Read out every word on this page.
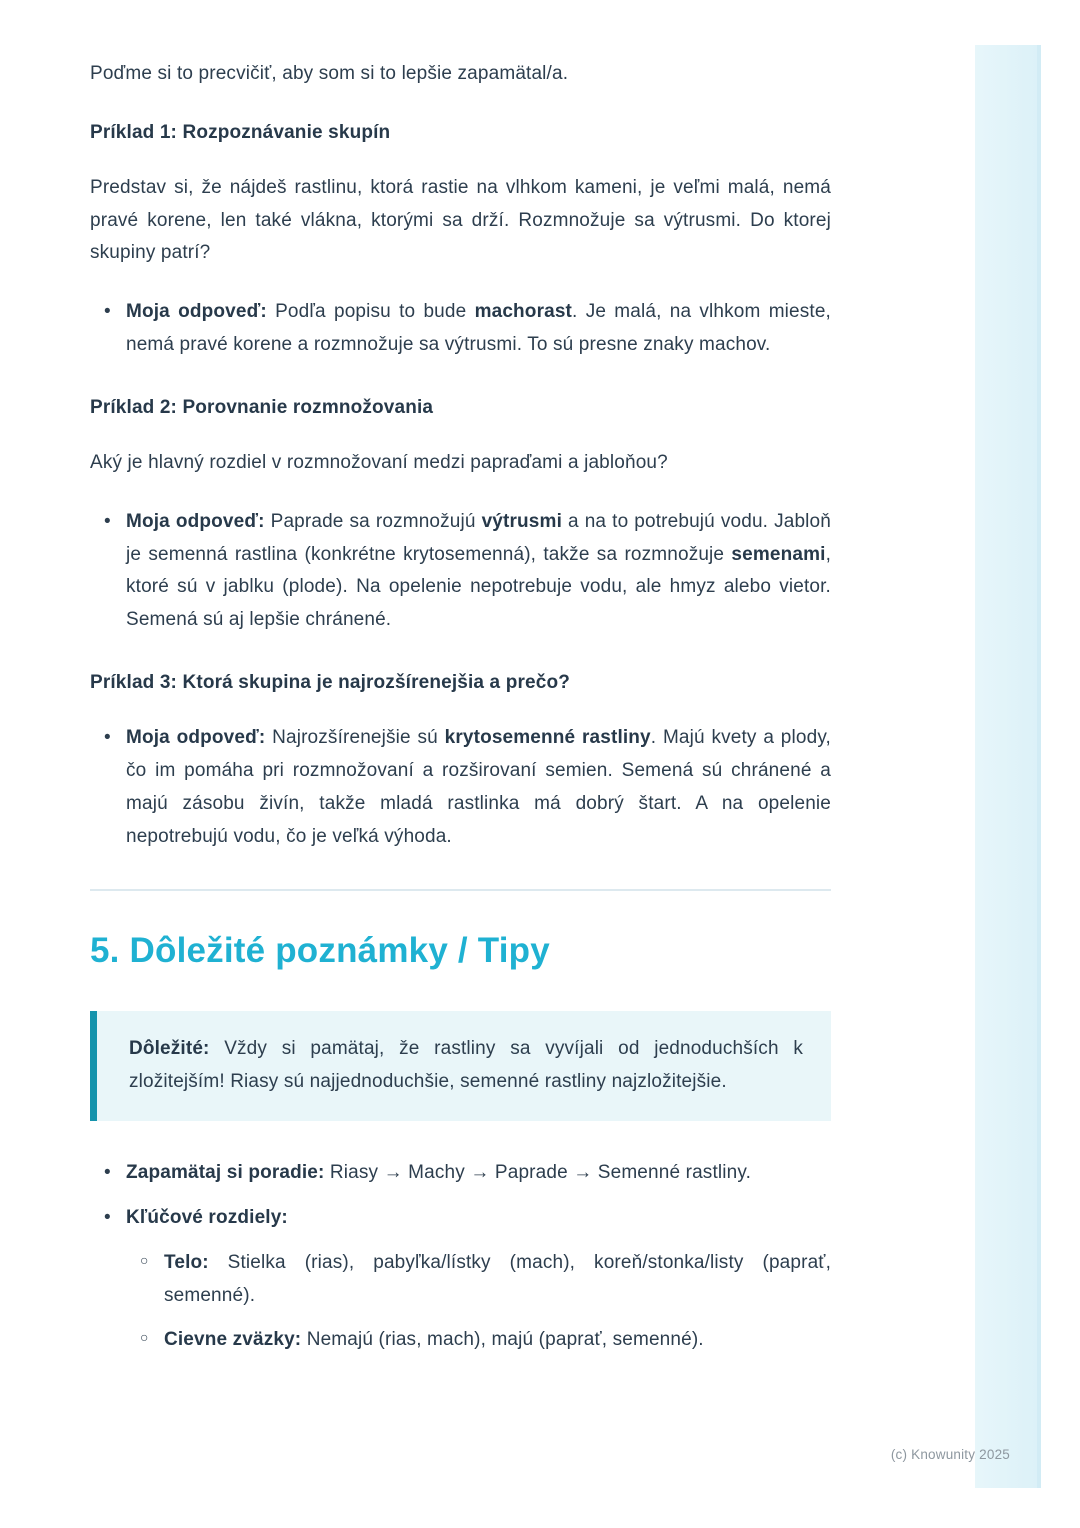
Poďme si to precvičiť, aby som si to lepšie zapamätal/a.

Príklad 1: Rozpoznávanie skupín

Predstav si, že nájdeš rastlinu, ktorá rastie na vlhkom kameni, je veľmi malá, nemá pravé korene, len také vlákna, ktorými sa drží. Rozmnožuje sa výtrusmi. Do ktorej skupiny patrí?

• Moja odpoveď: Podľa popisu to bude machorast. Je malá, na vlhkom mieste, nemá pravé korene a rozmnožuje sa výtrusmi. To sú presne znaky machov.
Príklad 2: Porovnanie rozmnožovania

Aký je hlavný rozdiel v rozmnožovaní medzi papraďami a jabloňou?

• Moja odpoveď: Paprade sa rozmnožujú výtrusmi a na to potrebujú vodu. Jabloň je semenná rastlina (konkrétne krytosemenná), takže sa rozmnožuje semenami, ktoré sú v jablku (plode). Na opelenie nepotrebuje vodu, ale hmyz alebo vietor. Semená sú aj lepšie chránené.
Príklad 3: Ktorá skupina je najrozšírenejšia a prečo?
• Moja odpoveď: Najrozšírenejšie sú krytosemenné rastliny. Majú kvety a plody, čo im pomáha pri rozmnožovaní a rozširovaní semien. Semená sú chránené a majú zásobu živín, takže mladá rastlinka má dobrý štart. A na opelenie nepotrebujú vodu, čo je veľká výhoda.
5. Dôležité poznámky / Tipy

Dôležité: Vždy si pamätaj, že rastliny sa vyvíjali od jednoduchších k zložitejším! Riasy sú najjednoduchšie, semenné rastliny najzložitejšie.

• Zapamätaj si poradie: Riasy → Machy → Paprade → Semenné rastliny.
• Kľúčové rozdiely:
○ Telo: Stielka (rias), pabyľka/lístky (mach), koreň/stonka/listy (paprať, semenné).
○ Cievne zväzky: Nemajú (rias, mach), majú (paprať, semenné).
(c) Knowunity 2025
